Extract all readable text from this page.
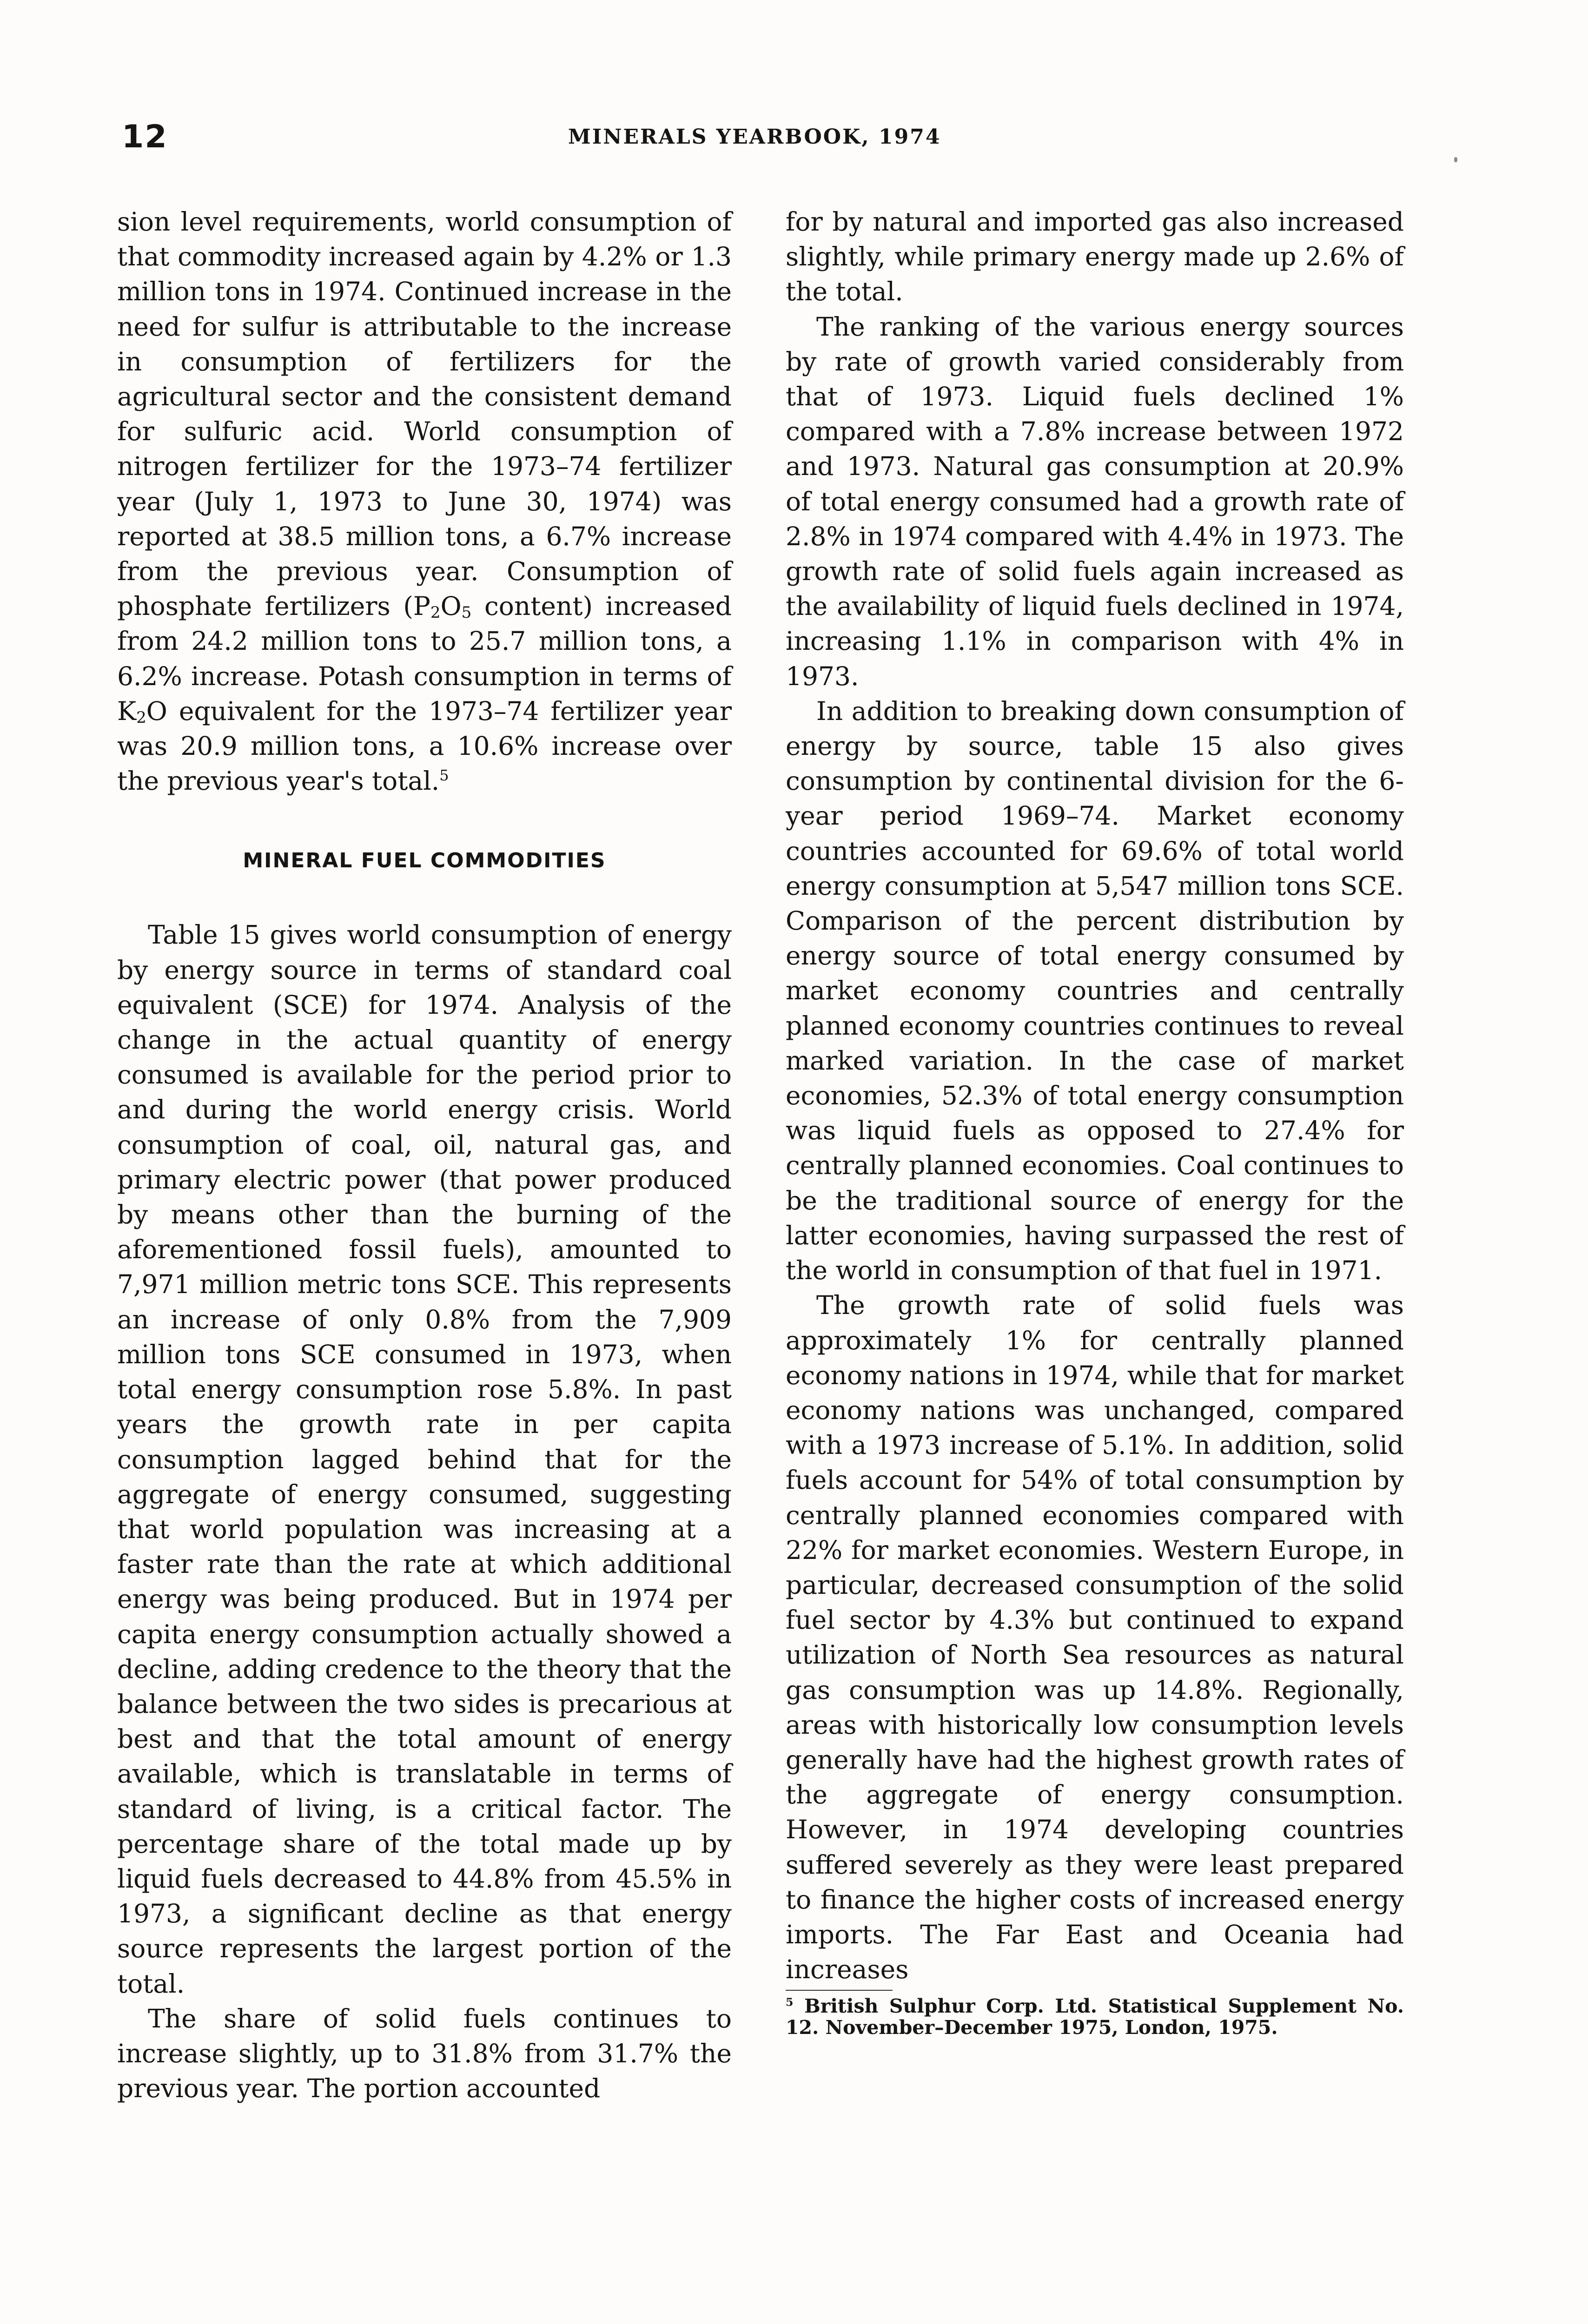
12	MINERALS YEARBOOK, 1974

sion level requirements, world consumption of that commodity increased again by 4.2% or 1.3 million tons in 1974. Continued increase in the need for sulfur is attributable to the increase in consumption of fertilizers for the agricultural sector and the consistent demand for sulfuric acid. World consumption of nitrogen fertilizer for the 1973–74 fertilizer year (July 1, 1973 to June 30, 1974) was reported at 38.5 million tons, a 6.7% increase from the previous year. Consumption of phosphate fertilizers ($P_2O_5$ content) increased from 24.2 million tons to 25.7 million tons, a 6.2% increase. Potash consumption in terms of $K_2O$ equivalent for the 1973–74 fertilizer year was 20.9 million tons, a 10.6% increase over the previous year's total.$^5$

MINERAL FUEL COMMODITIES

Table 15 gives world consumption of energy by energy source in terms of standard coal equivalent (SCE) for 1974. Analysis of the change in the actual quantity of energy consumed is available for the period prior to and during the world energy crisis. World consumption of coal, oil, natural gas, and primary electric power (that power produced by means other than the burning of the aforementioned fossil fuels), amounted to 7,971 million metric tons SCE. This represents an increase of only 0.8% from the 7,909 million tons SCE consumed in 1973, when total energy consumption rose 5.8%. In past years the growth rate in per capita consumption lagged behind that for the aggregate of energy consumed, suggesting that world population was increasing at a faster rate than the rate at which additional energy was being produced. But in 1974 per capita energy consumption actually showed a decline, adding credence to the theory that the balance between the two sides is precarious at best and that the total amount of energy available, which is translatable in terms of standard of living, is a critical factor. The percentage share of the total made up by liquid fuels decreased to 44.8% from 45.5% in 1973, a significant decline as that energy source represents the largest portion of the total.

The share of solid fuels continues to increase slightly, up to 31.8% from 31.7% the previous year. The portion accounted

for by natural and imported gas also increased slightly, while primary energy made up 2.6% of the total.

The ranking of the various energy sources by rate of growth varied considerably from that of 1973. Liquid fuels declined 1% compared with a 7.8% increase between 1972 and 1973. Natural gas consumption at 20.9% of total energy consumed had a growth rate of 2.8% in 1974 compared with 4.4% in 1973. The growth rate of solid fuels again increased as the availability of liquid fuels declined in 1974, increasing 1.1% in comparison with 4% in 1973.

In addition to breaking down consumption of energy by source, table 15 also gives consumption by continental division for the 6-year period 1969–74. Market economy countries accounted for 69.6% of total world energy consumption at 5,547 million tons SCE. Comparison of the percent distribution by energy source of total energy consumed by market economy countries and centrally planned economy countries continues to reveal marked variation. In the case of market economies, 52.3% of total energy consumption was liquid fuels as opposed to 27.4% for centrally planned economies. Coal continues to be the traditional source of energy for the latter economies, having surpassed the rest of the world in consumption of that fuel in 1971.

The growth rate of solid fuels was approximately 1% for centrally planned economy nations in 1974, while that for market economy nations was unchanged, compared with a 1973 increase of 5.1%. In addition, solid fuels account for 54% of total consumption by centrally planned economies compared with 22% for market economies. Western Europe, in particular, decreased consumption of the solid fuel sector by 4.3% but continued to expand utilization of North Sea resources as natural gas consumption was up 14.8%. Regionally, areas with historically low consumption levels generally have had the highest growth rates of the aggregate of energy consumption. However, in 1974 developing countries suffered severely as they were least prepared to finance the higher costs of increased energy imports. The Far East and Oceania had increases

$^5$ British Sulphur Corp. Ltd. Statistical Supplement No. 12. November–December 1975, London, 1975.
